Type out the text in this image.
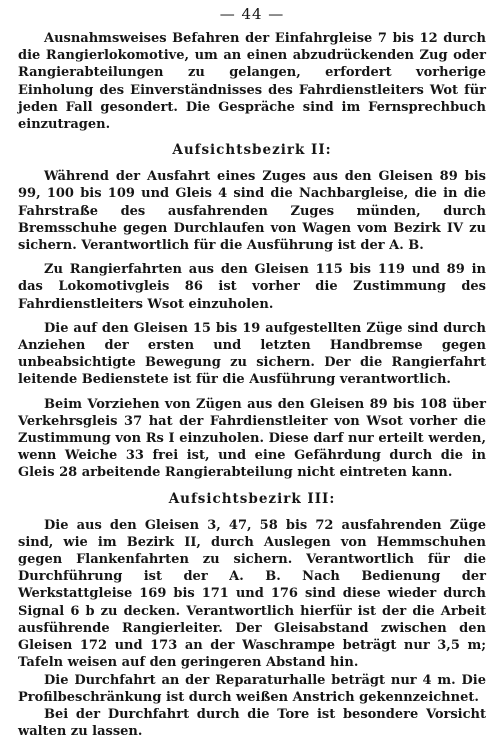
— 44 —

Ausnahmsweises Befahren der Einfahrgleise 7 bis 12 durch die Rangierlokomotive, um an einen abzudrückenden Zug oder Rangierabteilungen zu gelangen, erfordert vorherige Einholung des Einverständnisses des Fahrdienstleiters Wot für jeden Fall gesondert. Die Gespräche sind im Fernsprechbuch einzutragen.

Aufsichtsbezirk II:

Während der Ausfahrt eines Zuges aus den Gleisen 89 bis 99, 100 bis 109 und Gleis 4 sind die Nachbargleise, die in die Fahrstraße des ausfahrenden Zuges münden, durch Bremsschuhe gegen Durchlaufen von Wagen vom Bezirk IV zu sichern. Verantwortlich für die Ausführung ist der A. B.

Zu Rangierfahrten aus den Gleisen 115 bis 119 und 89 in das Lokomotivgleis 86 ist vorher die Zustimmung des Fahrdienstleiters Wsot einzuholen.

Die auf den Gleisen 15 bis 19 aufgestellten Züge sind durch Anziehen der ersten und letzten Handbremse gegen unbeabsichtigte Bewegung zu sichern. Der die Rangierfahrt leitende Bedienstete ist für die Ausführung verantwortlich.

Beim Vorziehen von Zügen aus den Gleisen 89 bis 108 über Verkehrsgleis 37 hat der Fahrdienstleiter von Wsot vorher die Zustimmung von Rs I einzuholen. Diese darf nur erteilt werden, wenn Weiche 33 frei ist, und eine Gefährdung durch die in Gleis 28 arbeitende Rangierabteilung nicht eintreten kann.

Aufsichtsbezirk III:

Die aus den Gleisen 3, 47, 58 bis 72 ausfahrenden Züge sind, wie im Bezirk II, durch Auslegen von Hemmschuhen gegen Flankenfahrten zu sichern. Verantwortlich für die Durchführung ist der A. B. Nach Bedienung der Werkstattgleise 169 bis 171 und 176 sind diese wieder durch Signal 6 b zu decken. Verantwortlich hierfür ist der die Arbeit ausführende Rangierleiter. Der Gleisabstand zwischen den Gleisen 172 und 173 an der Waschrampe beträgt nur 3,5 m; Tafeln weisen auf den geringeren Abstand hin.

Die Durchfahrt an der Reparaturhalle beträgt nur 4 m. Die Profilbeschränkung ist durch weißen Anstrich gekennzeichnet.

Bei der Durchfahrt durch die Tore ist besondere Vorsicht walten zu lassen.
